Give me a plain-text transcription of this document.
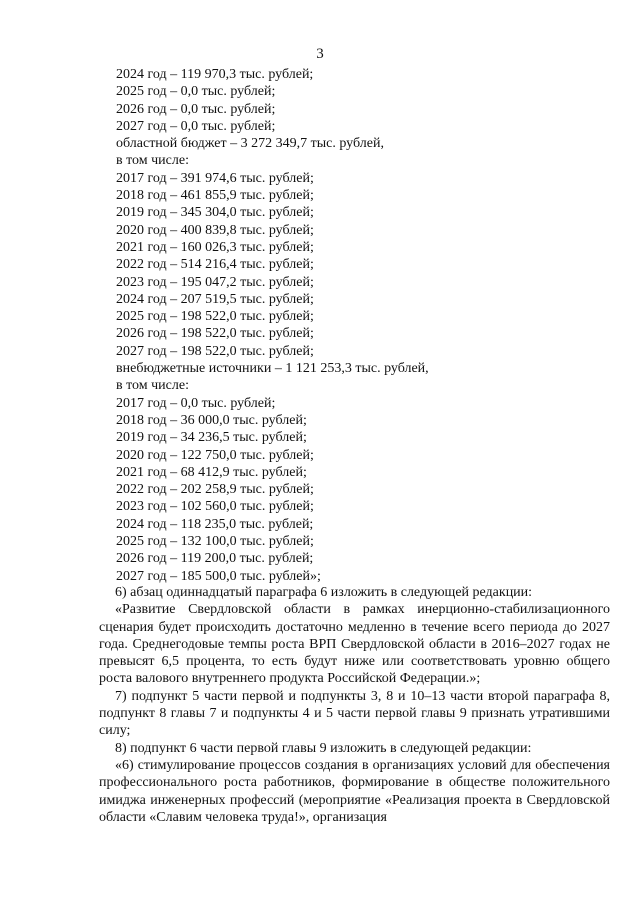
3
2024 год – 119 970,3 тыс. рублей;
2025 год – 0,0 тыс. рублей;
2026 год – 0,0 тыс. рублей;
2027 год – 0,0 тыс. рублей;
областной бюджет – 3 272 349,7 тыс. рублей,
в том числе:
2017 год – 391 974,6 тыс. рублей;
2018 год – 461 855,9 тыс. рублей;
2019 год – 345 304,0 тыс. рублей;
2020 год – 400 839,8 тыс. рублей;
2021 год – 160 026,3 тыс. рублей;
2022 год – 514 216,4 тыс. рублей;
2023 год – 195 047,2 тыс. рублей;
2024 год – 207 519,5 тыс. рублей;
2025 год – 198 522,0 тыс. рублей;
2026 год – 198 522,0 тыс. рублей;
2027 год – 198 522,0 тыс. рублей;
внебюджетные источники – 1 121 253,3 тыс. рублей,
в том числе:
2017 год – 0,0 тыс. рублей;
2018 год – 36 000,0 тыс. рублей;
2019 год – 34 236,5 тыс. рублей;
2020 год – 122 750,0 тыс. рублей;
2021 год – 68 412,9 тыс. рублей;
2022 год – 202 258,9 тыс. рублей;
2023 год – 102 560,0 тыс. рублей;
2024 год – 118 235,0 тыс. рублей;
2025 год – 132 100,0 тыс. рублей;
2026 год – 119 200,0 тыс. рублей;
2027 год – 185 500,0 тыс. рублей»;

6) абзац одиннадцатый параграфа 6 изложить в следующей редакции:

«Развитие Свердловской области в рамках инерционно-стабилизационного сценария будет происходить достаточно медленно в течение всего периода до 2027 года. Среднегодовые темпы роста ВРП Свердловской области в 2016–2027 годах не превысят 6,5 процента, то есть будут ниже или соответствовать уровню общего роста валового внутреннего продукта Российской Федерации.»;

7) подпункт 5 части первой и подпункты 3, 8 и 10–13 части второй параграфа 8, подпункт 8 главы 7 и подпункты 4 и 5 части первой главы 9 признать утратившими силу;

8) подпункт 6 части первой главы 9 изложить в следующей редакции:

«6) стимулирование процессов создания в организациях условий для обеспечения профессионального роста работников, формирование в обществе положительного имиджа инженерных профессий (мероприятие «Реализация проекта в Свердловской области «Славим человека труда!», организация
